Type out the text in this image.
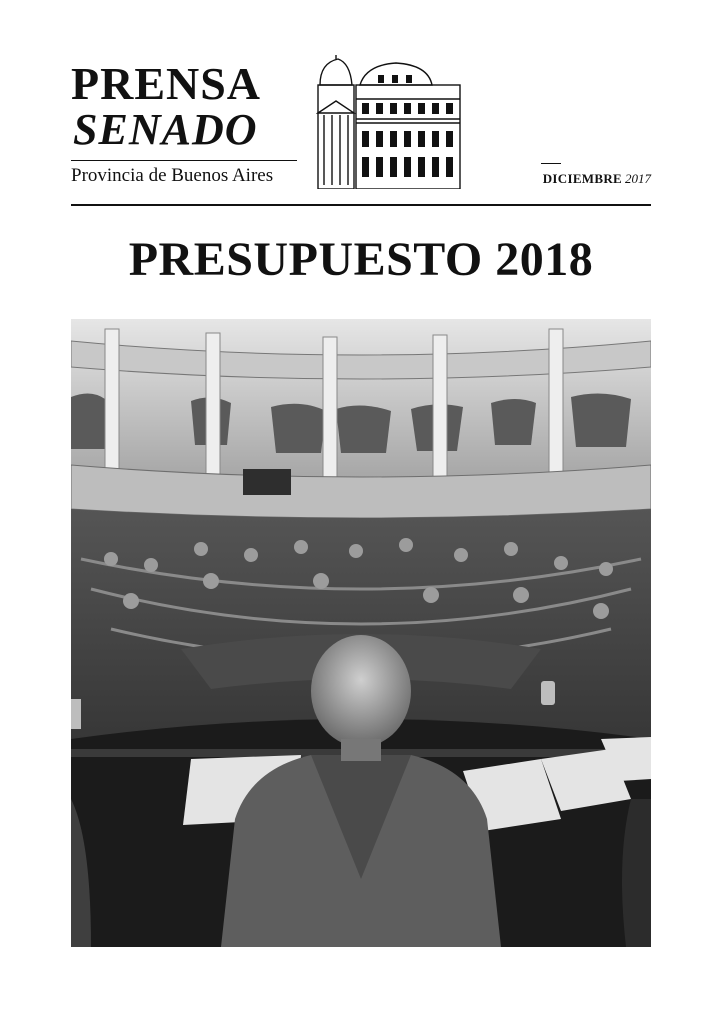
PRENSA
SENADO
Provincia de Buenos Aires	DICIEMBRE 2017
PRESUPUESTO 2018
